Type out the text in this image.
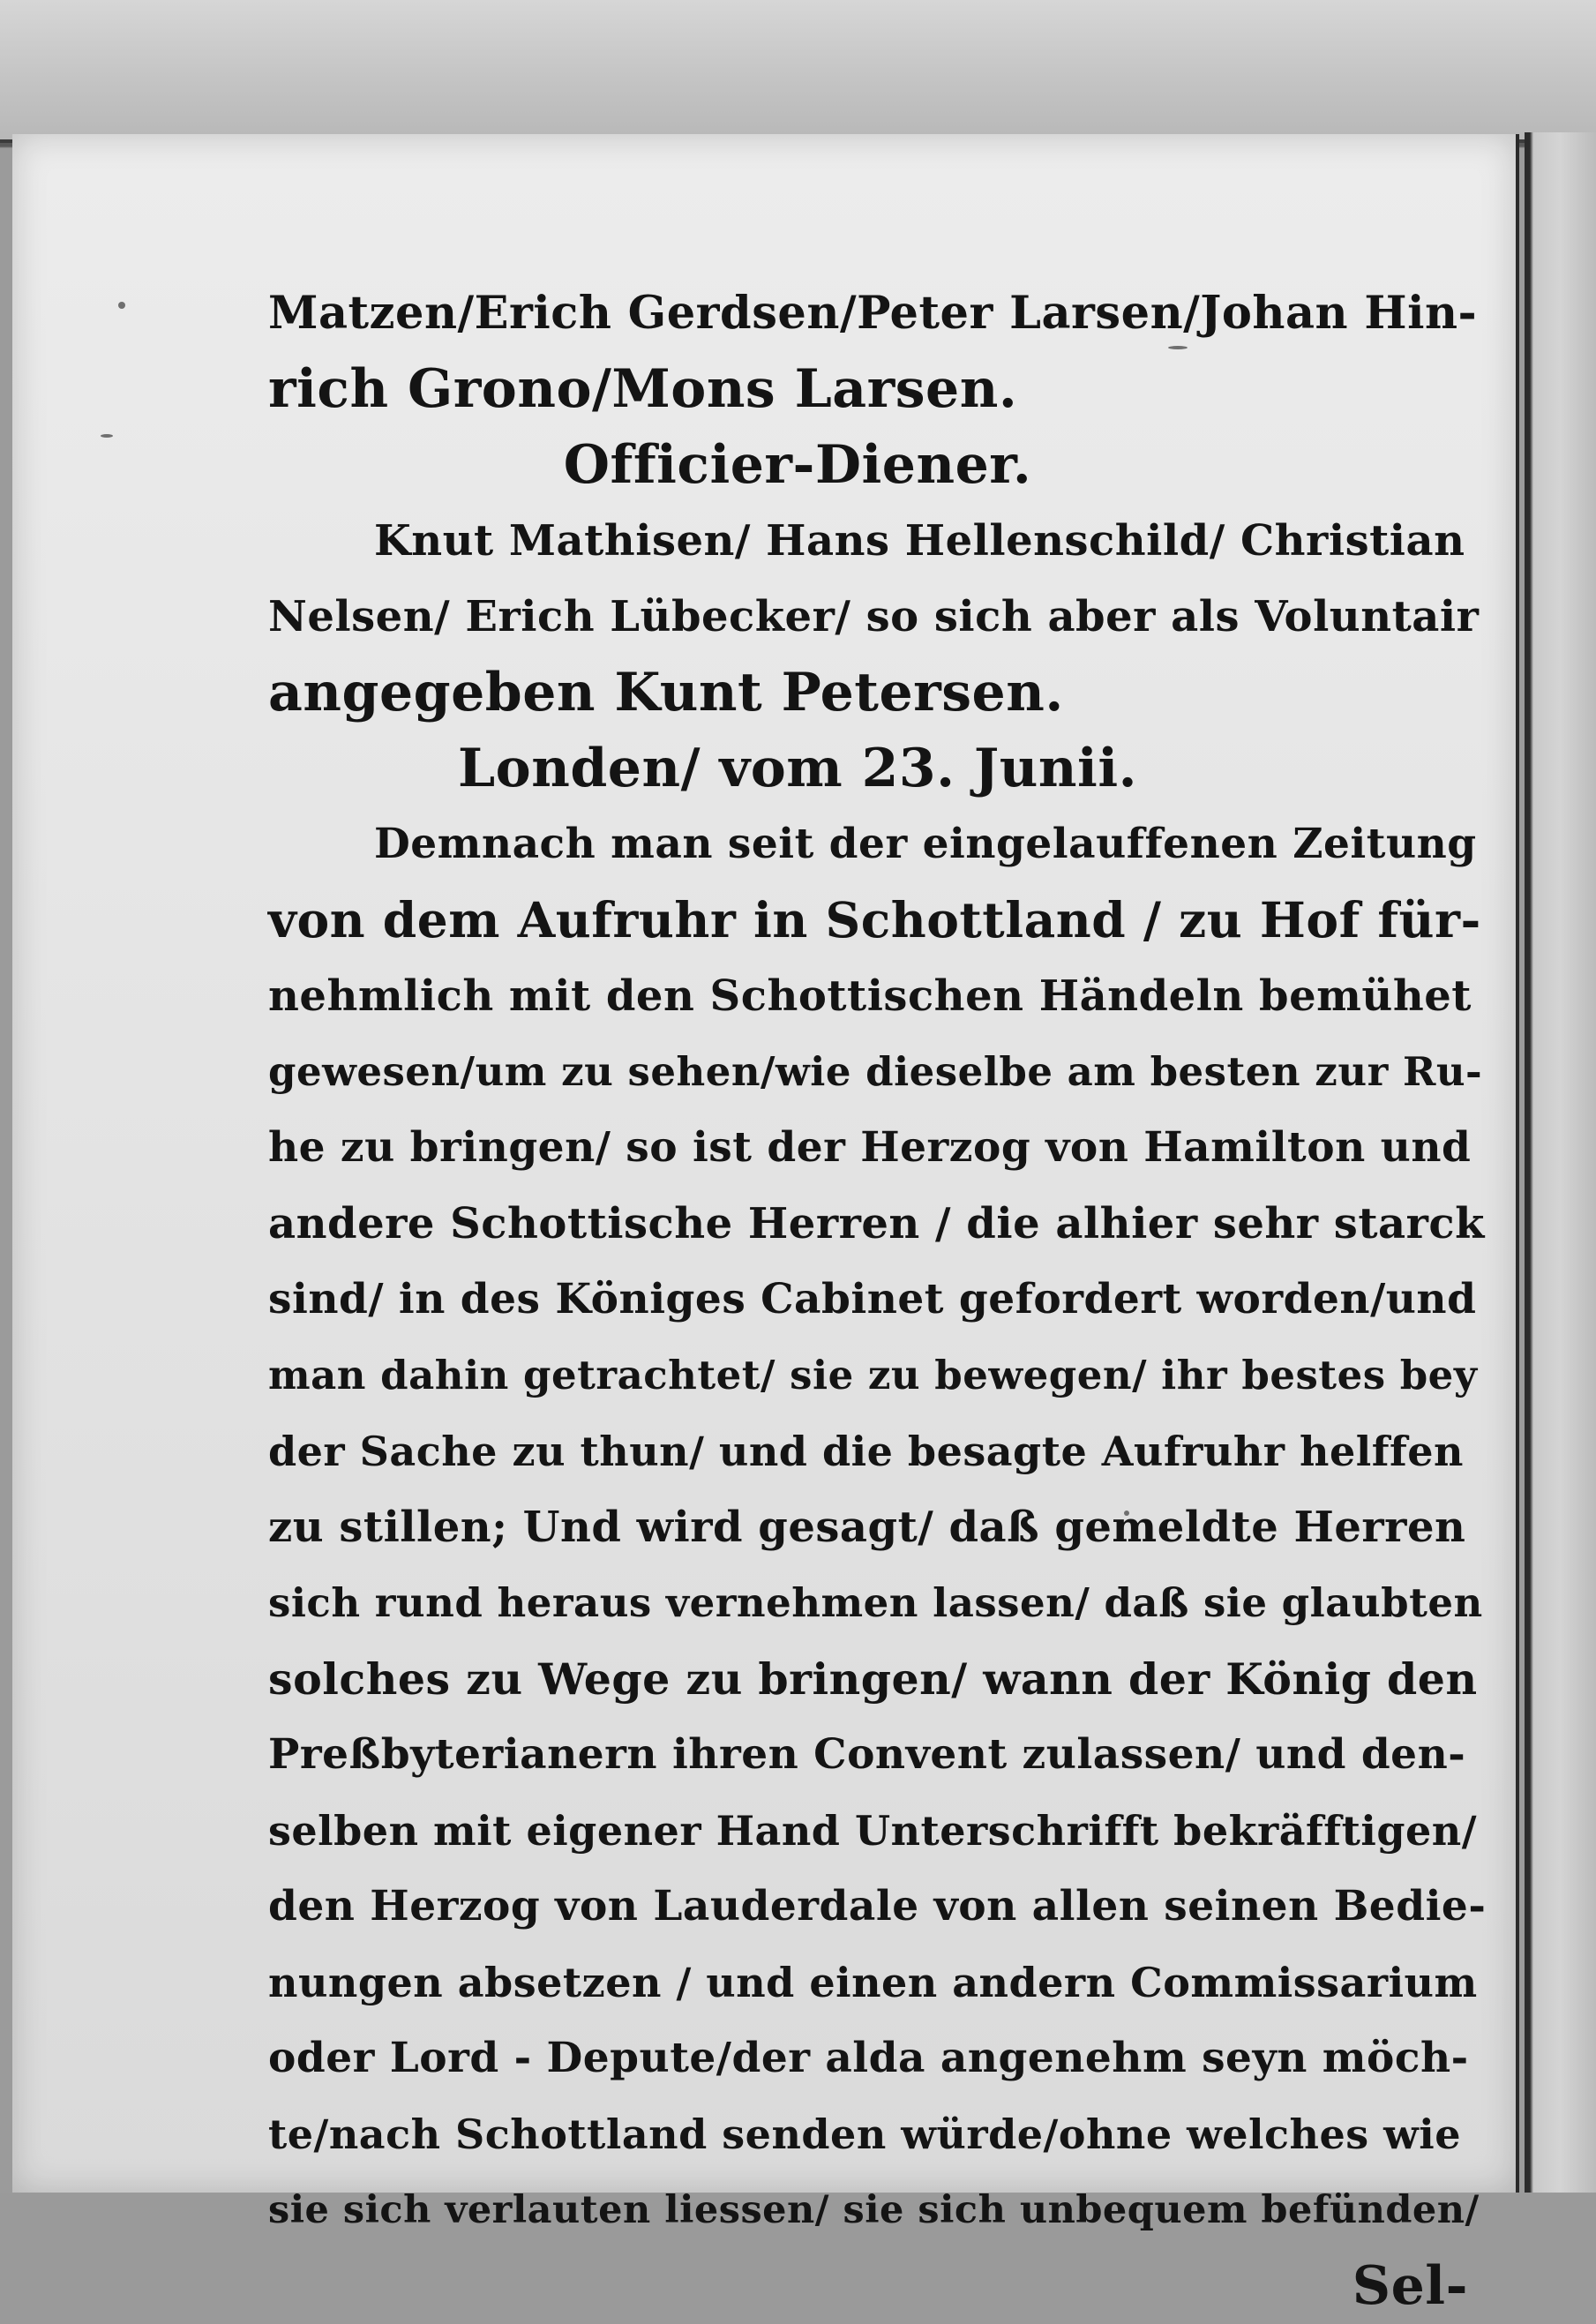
Matzen/Erich Gerdsen/Peter Larsen/Johan Hin-
rich Grono/Mons Larsen.
Officier-Diener.
Knut Mathisen/ Hans Hellenschild/ Christian
Nelsen/ Erich Lübecker/ so sich aber als Voluntair
angegeben Kunt Petersen.
Londen/ vom 23. Junii.
Demnach man seit der eingelauffenen Zeitung
von dem Aufruhr in Schottland / zu Hof für-
nehmlich mit den Schottischen Händeln bemühet
gewesen/um zu sehen/wie dieselbe am besten zur Ru-
he zu bringen/ so ist der Herzog von Hamilton und
andere Schottische Herren / die alhier sehr starck
sind/ in des Königes Cabinet gefordert worden/und
man dahin getrachtet/ sie zu bewegen/ ihr bestes bey
der Sache zu thun/ und die besagte Aufruhr helffen
zu stillen; Und wird gesagt/ daß gemeldte Herren
sich rund heraus vernehmen lassen/ daß sie glaubten
solches zu Wege zu bringen/ wann der König den
Preßbyterianern ihren Convent zulassen/ und den-
selben mit eigener Hand Unterschrifft bekräfftigen/
den Herzog von Lauderdale von allen seinen Bedie-
nungen absetzen / und einen andern Commissarium
oder Lord - Depute/der alda angenehm seyn möch-
te/nach Schottland senden würde/ohne welches wie
sie sich verlauten liessen/ sie sich unbequem befünden/
Sel-
